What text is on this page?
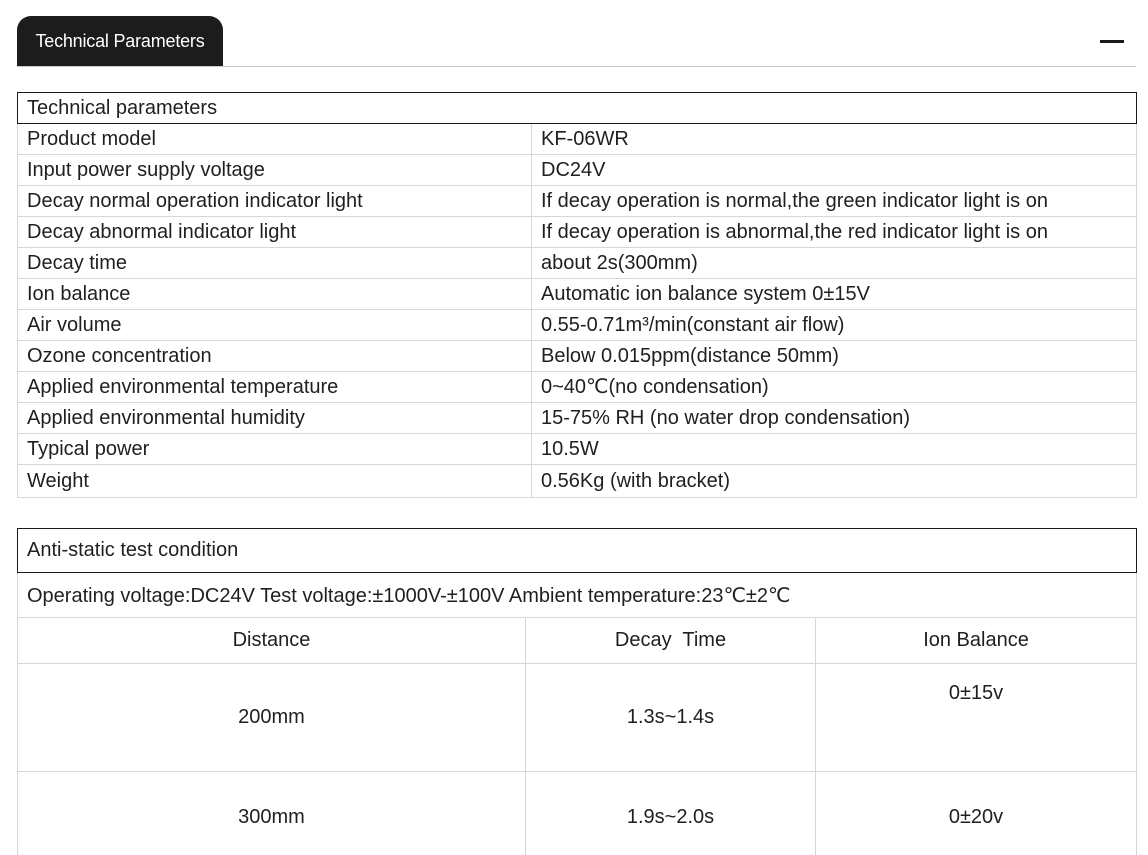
Technical Parameters
Technical parameters	
Product model	KF-06WR
Input power supply voltage	DC24V
Decay normal operation indicator light	If decay operation is normal,the green indicator light is on
Decay abnormal indicator light	If decay operation is abnormal,the red indicator light is on
Decay time	about 2s(300mm)
Ion balance	Automatic ion balance system 0±15V
Air volume	0.55-0.71m³/min(constant air flow)
Ozone concentration	Below 0.015ppm(distance 50mm)
Applied environmental temperature	0~40℃(no condensation)
Applied environmental humidity	15-75% RH (no water drop condensation)
Typical power	10.5W
Weight	0.56Kg (with bracket)
Anti-static test condition		
Operating voltage:DC24V Test voltage:±1000V-±100V Ambient temperature:23℃±2℃		
Distance	Decay  Time	Ion Balance
200mm	1.3s~1.4s	0±15v
300mm	1.9s~2.0s	0±20v
